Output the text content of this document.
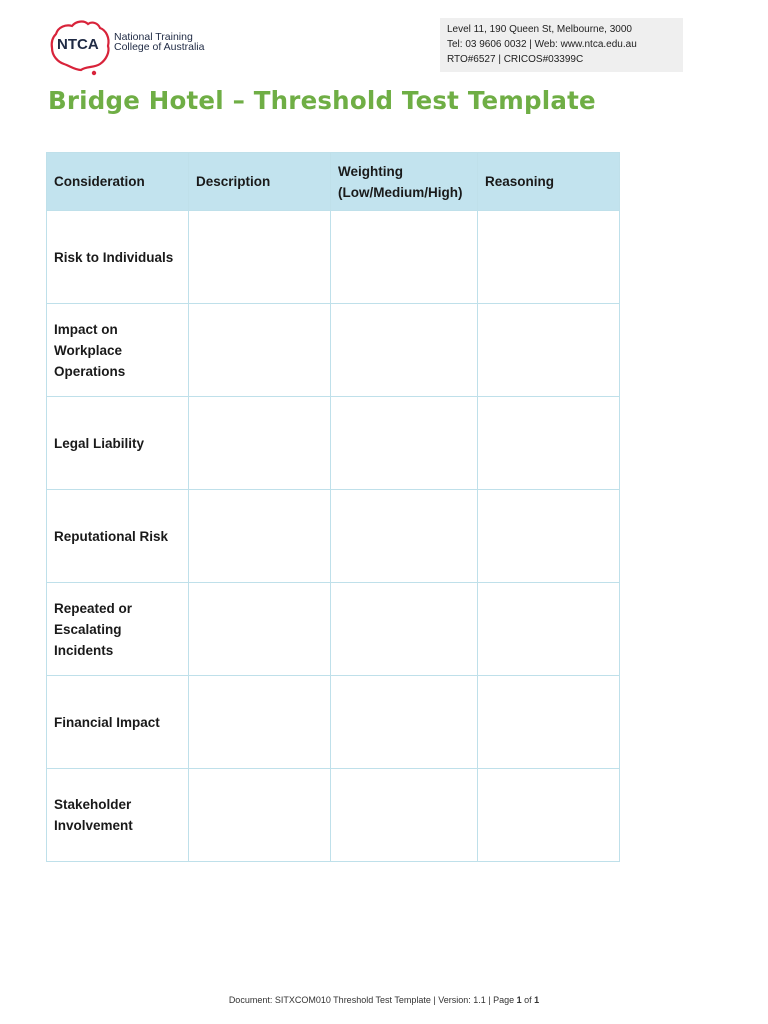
NTCA National Training
College of Australia
Level 11, 190 Queen St, Melbourne, 3000
Tel: 03 9606 0032 | Web: www.ntca.edu.au
RTO#6527 | CRICOS#03399C
Bridge Hotel – Threshold Test Template
Consideration	Description	Weighting (Low/Medium/High)	Reasoning
Risk to Individuals			
Impact on Workplace Operations			
Legal Liability			
Reputational Risk			
Repeated or Escalating Incidents			
Financial Impact			
Stakeholder Involvement			
Document: SITXCOM010 Threshold Test Template | Version: 1.1 | Page 1 of 1
